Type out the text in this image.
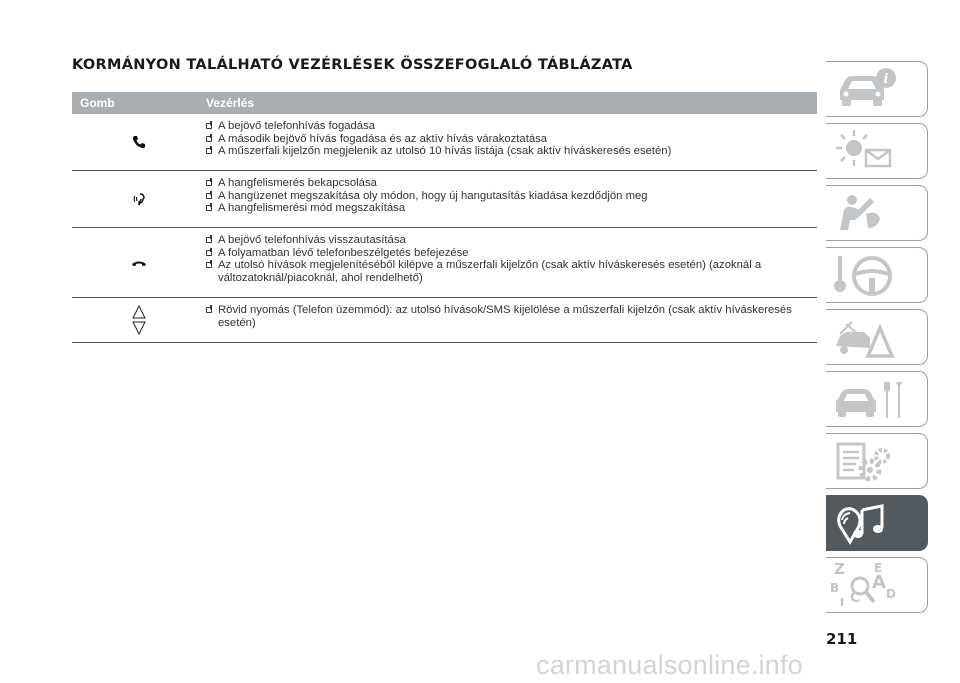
KORMÁNYON TALÁLHATÓ VEZÉRLÉSEK ÖSSZEFOGLALÓ TÁBLÁZATA
Gomb	Vezérlés
A bejövő telefonhívás fogadása
A második bejövő hívás fogadása és az aktív hívás várakoztatása
A műszerfali kijelzőn megjelenik az utolsó 10 hívás listája (csak aktív híváskeresés esetén)
A hangfelismerés bekapcsolása
A hangüzenet megszakítása oly módon, hogy új hangutasítás kiadása kezdődjön meg
A hangfelismerési mód megszakítása
A bejövő telefonhívás visszautasítása
A folyamatban lévő telefonbeszélgetés befejezése
Az utolsó hívások megjelenítéséből kilépve a műszerfali kijelzőn (csak aktív híváskeresés esetén) (azoknál a változatoknál/piacoknál, ahol rendelhető)
Rövid nyomás (Telefon üzemmód): az utolsó hívások/SMS kijelölése a műszerfali kijelzőn (csak aktív híváskeresés esetén)
i
Z E
A
B
C D
211
carmanualsonline.info
